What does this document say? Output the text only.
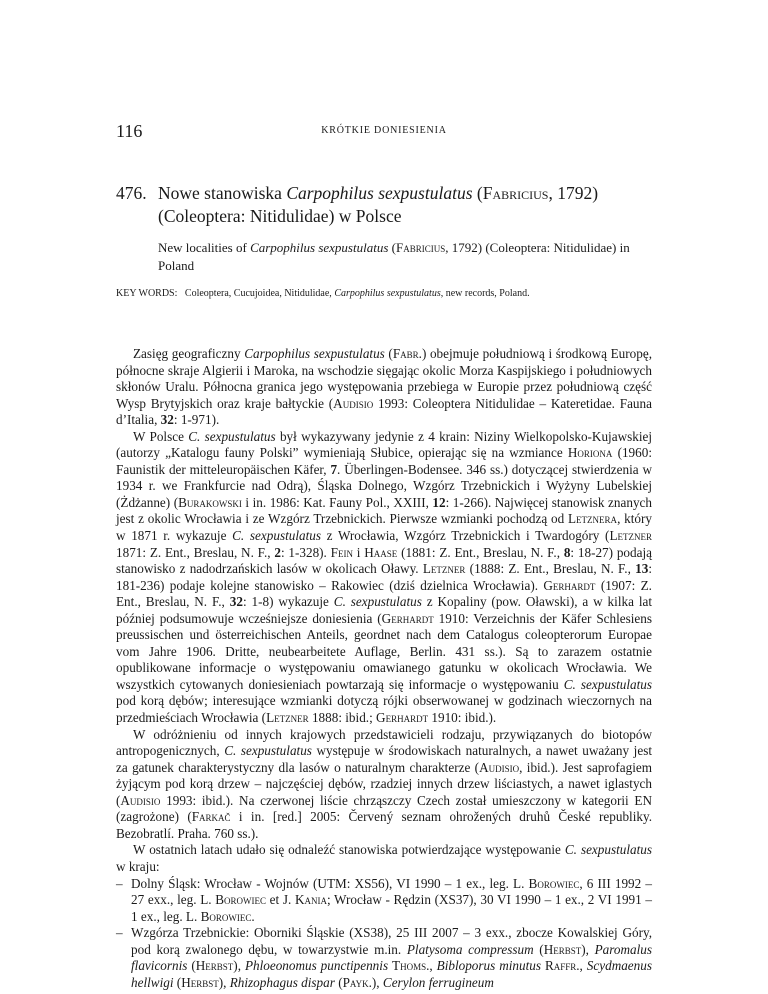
116	KRÓTKIE DONIESIENIA
476. Nowe stanowiska Carpophilus sexpustulatus (Fabricius, 1792)
(Coleoptera: Nitidulidae) w Polsce
New localities of Carpophilus sexpustulatus (Fabricius, 1792) (Coleoptera: Nitidulidae) in Poland
KEY WORDS: Coleoptera, Cucujoidea, Nitidulidae, Carpophilus sexpustulatus, new records, Poland.

Zasięg geograficzny Carpophilus sexpustulatus (Fabr.) obejmuje południową i środkową Europę, północne skraje Algierii i Maroka, na wschodzie sięgając okolic Morza Kaspijskiego i południowych skłonów Uralu. Północna granica jego występowania przebiega w Europie przez południową część Wysp Brytyjskich oraz kraje bałtyckie (Audisio 1993: Coleoptera Nitidulidae – Kateretidae. Fauna d’Italia, 32: 1-971).

W Polsce C. sexpustulatus był wykazywany jedynie z 4 krain: Niziny Wielkopolsko-Kujawskiej (autorzy „Katalogu fauny Polski” wymieniają Słubice, opierając się na wzmiance Horiona (1960: Faunistik der mitteleuropäischen Käfer, 7. Überlingen-Bodensee. 346 ss.) dotyczącej stwierdzenia w 1934 r. we Frankfurcie nad Odrą), Śląska Dolnego, Wzgórz Trzebnickich i Wyżyny Lubelskiej (Żdżanne) (Burakowski i in. 1986: Kat. Fauny Pol., XXIII, 12: 1-266). Najwięcej stanowisk znanych jest z okolic Wrocławia i ze Wzgórz Trzebnickich. Pierwsze wzmianki pochodzą od Letznera, który w 1871 r. wykazuje C. sexpustulatus z Wrocławia, Wzgórz Trzebnickich i Twardogóry (Letzner 1871: Z. Ent., Breslau, N. F., 2: 1-328). Fein i Haase (1881: Z. Ent., Breslau, N. F., 8: 18-27) podają stanowisko z nadodrzańskich lasów w okolicach Oławy. Letzner (1888: Z. Ent., Breslau, N. F., 13: 181-236) podaje kolejne stanowisko – Rakowiec (dziś dzielnica Wrocławia). Gerhardt (1907: Z. Ent., Breslau, N. F., 32: 1-8) wykazuje C. sexpustulatus z Kopaliny (pow. Oławski), a w kilka lat później podsumowuje wcześniejsze doniesienia (Gerhardt 1910: Verzeichnis der Käfer Schlesiens preussischen und österreichischen Anteils, geordnet nach dem Catalogus coleopterorum Europae vom Jahre 1906. Dritte, neubearbeitete Auflage, Berlin. 431 ss.). Są to zarazem ostatnie opublikowane informacje o występowaniu omawianego gatunku w okolicach Wrocławia. We wszystkich cytowanych doniesieniach powtarzają się informacje o występowaniu C. sexpustulatus pod korą dębów; interesujące wzmianki dotyczą rójki obserwowanej w godzinach wieczornych na przedmieściach Wrocławia (Letzner 1888: ibid.; Gerhardt 1910: ibid.).

W odróżnieniu od innych krajowych przedstawicieli rodzaju, przywiązanych do biotopów antropogenicznych, C. sexpustulatus występuje w środowiskach naturalnych, a nawet uważany jest za gatunek charakterystyczny dla lasów o naturalnym charakterze (Audisio, ibid.). Jest saprofagiem żyjącym pod korą drzew – najczęściej dębów, rzadziej innych drzew liściastych, a nawet iglastych (Audisio 1993: ibid.). Na czerwonej liście chrząszczy Czech został umieszczony w kategorii EN (zagrożone) (Farkač i in. [red.] 2005: Červený seznam ohrožených druhů České republiky. Bezobratlí. Praha. 760 ss.).

W ostatnich latach udało się odnaleźć stanowiska potwierdzające występowanie C. sexpustulatus w kraju:

– Dolny Śląsk: Wrocław - Wojnów (UTM: XS56), VI 1990 – 1 ex., leg. L. Borowiec, 6 III 1992 – 27 exx., leg. L. Borowiec et J. Kania; Wrocław - Rędzin (XS37), 30 VI 1990 – 1 ex., 2 VI 1991 – 1 ex., leg. L. Borowiec.
– Wzgórza Trzebnickie: Oborniki Śląskie (XS38), 25 III 2007 – 3 exx., zbocze Kowalskiej Góry, pod korą zwalonego dębu, w towarzystwie m.in. Platysoma compressum (Herbst), Paromalus flavicornis (Herbst), Phloeonomus punctipennis Thoms., Bibloporus minutus Raffr., Scydmaenus hellwigi (Herbst), Rhizophagus dispar (Payk.), Cerylon ferrugineum
